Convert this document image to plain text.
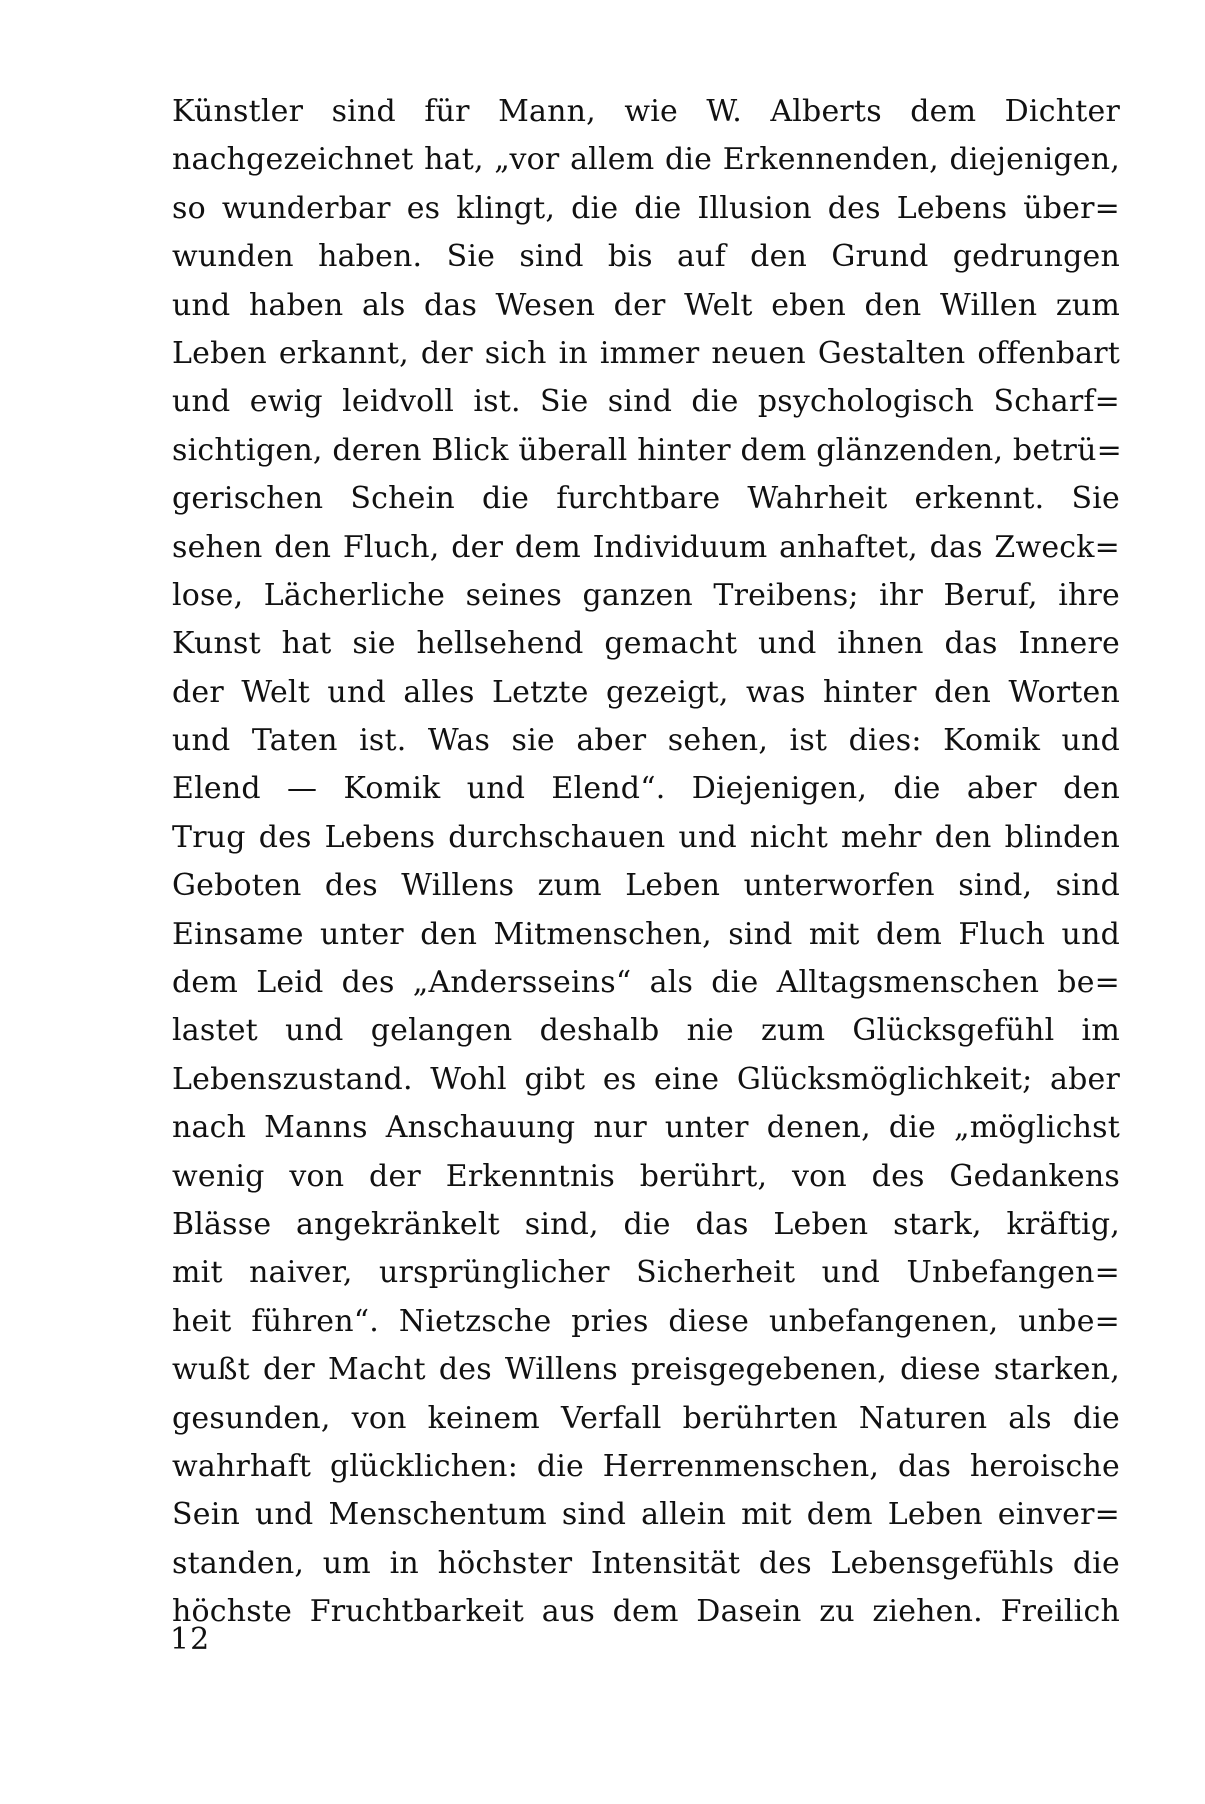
Künstler sind für Mann, wie W. Alberts dem Dichter
nachgezeichnet hat, „vor allem die Erkennenden, diejenigen,
so wunderbar es klingt, die die Illusion des Lebens über=
wunden haben. Sie sind bis auf den Grund gedrungen
und haben als das Wesen der Welt eben den Willen zum
Leben erkannt, der sich in immer neuen Gestalten offenbart
und ewig leidvoll ist. Sie sind die psychologisch Scharf=
sichtigen, deren Blick überall hinter dem glänzenden, betrü=
gerischen Schein die furchtbare Wahrheit erkennt. Sie
sehen den Fluch, der dem Individuum anhaftet, das Zweck=
lose, Lächerliche seines ganzen Treibens; ihr Beruf, ihre
Kunst hat sie hellsehend gemacht und ihnen das Innere
der Welt und alles Letzte gezeigt, was hinter den Worten
und Taten ist. Was sie aber sehen, ist dies: Komik und
Elend — Komik und Elend“. Diejenigen, die aber den
Trug des Lebens durchschauen und nicht mehr den blinden
Geboten des Willens zum Leben unterworfen sind, sind
Einsame unter den Mitmenschen, sind mit dem Fluch und
dem Leid des „Andersseins“ als die Alltagsmenschen be=
lastet und gelangen deshalb nie zum Glücksgefühl im
Lebenszustand. Wohl gibt es eine Glücksmöglichkeit; aber
nach Manns Anschauung nur unter denen, die „möglichst
wenig von der Erkenntnis berührt, von des Gedankens
Blässe angekränkelt sind, die das Leben stark, kräftig,
mit naiver, ursprünglicher Sicherheit und Unbefangen=
heit führen“. Nietzsche pries diese unbefangenen, unbe=
wußt der Macht des Willens preisgegebenen, diese starken,
gesunden, von keinem Verfall berührten Naturen als die
wahrhaft glücklichen: die Herrenmenschen, das heroische
Sein und Menschentum sind allein mit dem Leben einver=
standen, um in höchster Intensität des Lebensgefühls die
höchste Fruchtbarkeit aus dem Dasein zu ziehen. Freilich
12
